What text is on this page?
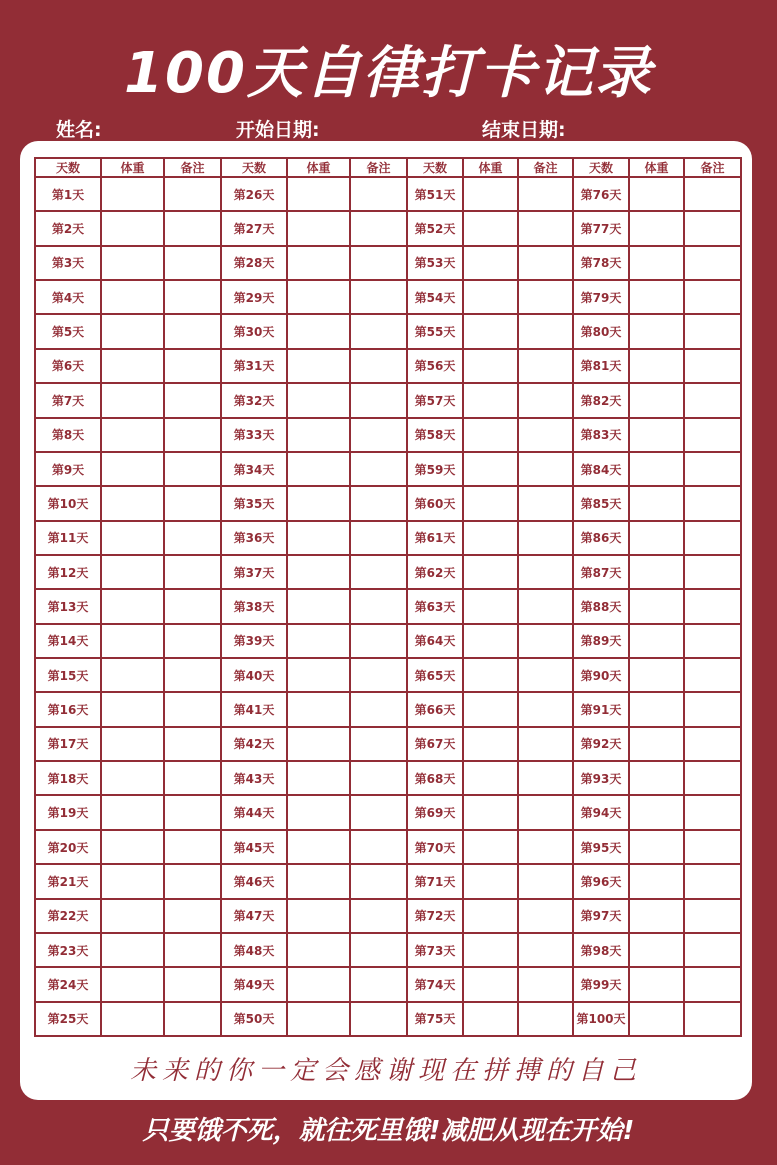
100天自律打卡记录
姓名:	开始日期:	结束日期:
天数	体重	备注	天数	体重	备注	天数	体重	备注	天数	体重	备注
第1天			第26天			第51天			第76天		
第2天			第27天			第52天			第77天		
第3天			第28天			第53天			第78天		
第4天			第29天			第54天			第79天		
第5天			第30天			第55天			第80天		
第6天			第31天			第56天			第81天		
第7天			第32天			第57天			第82天		
第8天			第33天			第58天			第83天		
第9天			第34天			第59天			第84天		
第10天			第35天			第60天			第85天		
第11天			第36天			第61天			第86天		
第12天			第37天			第62天			第87天		
第13天			第38天			第63天			第88天		
第14天			第39天			第64天			第89天		
第15天			第40天			第65天			第90天		
第16天			第41天			第66天			第91天		
第17天			第42天			第67天			第92天		
第18天			第43天			第68天			第93天		
第19天			第44天			第69天			第94天		
第20天			第45天			第70天			第95天		
第21天			第46天			第71天			第96天		
第22天			第47天			第72天			第97天		
第23天			第48天			第73天			第98天		
第24天			第49天			第74天			第99天		
第25天			第50天			第75天			第100天		
未来的你一定会感谢现在拼搏的自己
只要饿不死，就往死里饿!减肥从现在开始!
